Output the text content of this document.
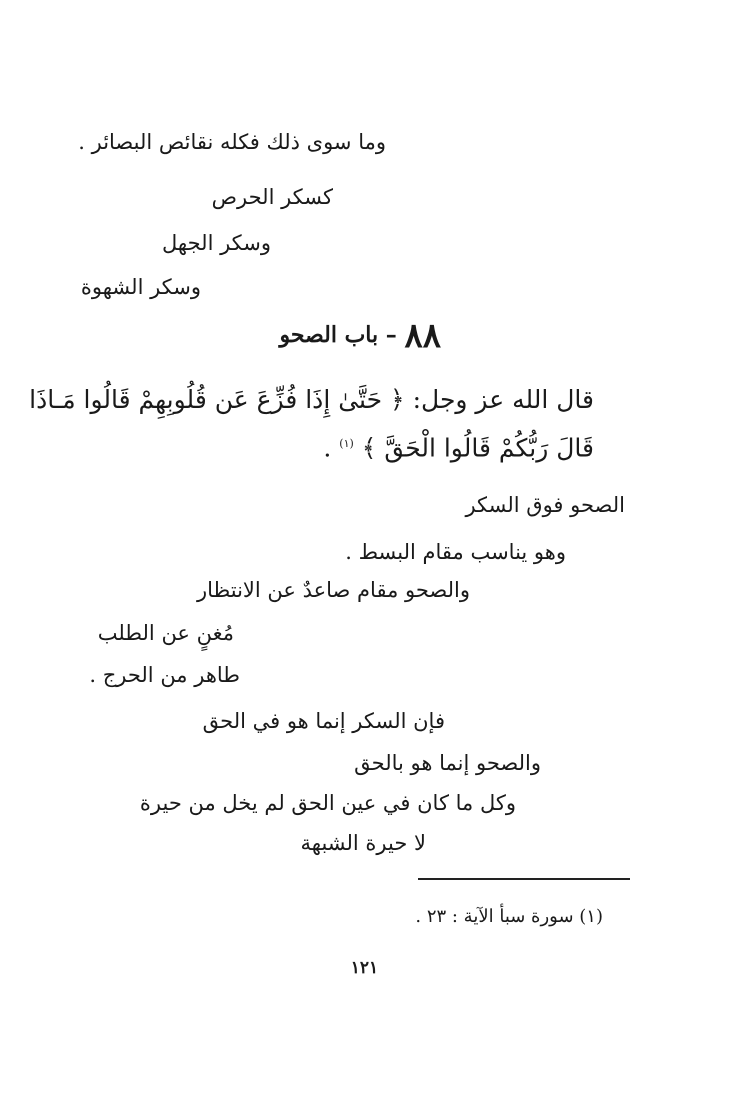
وما سوى ذلك فكله نقائص البصائر .
كسكر الحرص
وسكر الجهل
وسكر الشهوة
٨٨ – باب الصحو
قال الله عز وجل: ﴿ حَتَّىٰ إِذَا فُزِّعَ عَن قُلُوبِهِمْ قَالُوا مَـاذَا
قَالَ رَبُّكُمْ قَالُوا الْحَقَّ ﴾ $^{(١)}$ .
الصحو فوق السكر
وهو يناسب مقام البسط .
والصحو مقام صاعدٌ عن الانتظار
مُغنٍ عن الطلب
طاهر من الحرج .
فإن السكر إنما هو في الحق
والصحو إنما هو بالحق
وكل ما كان في عين الحق لم يخل من حيرة
لا حيرة الشبهة
(١) سورة سبأ الآية : ٢٣ .
١٢١
